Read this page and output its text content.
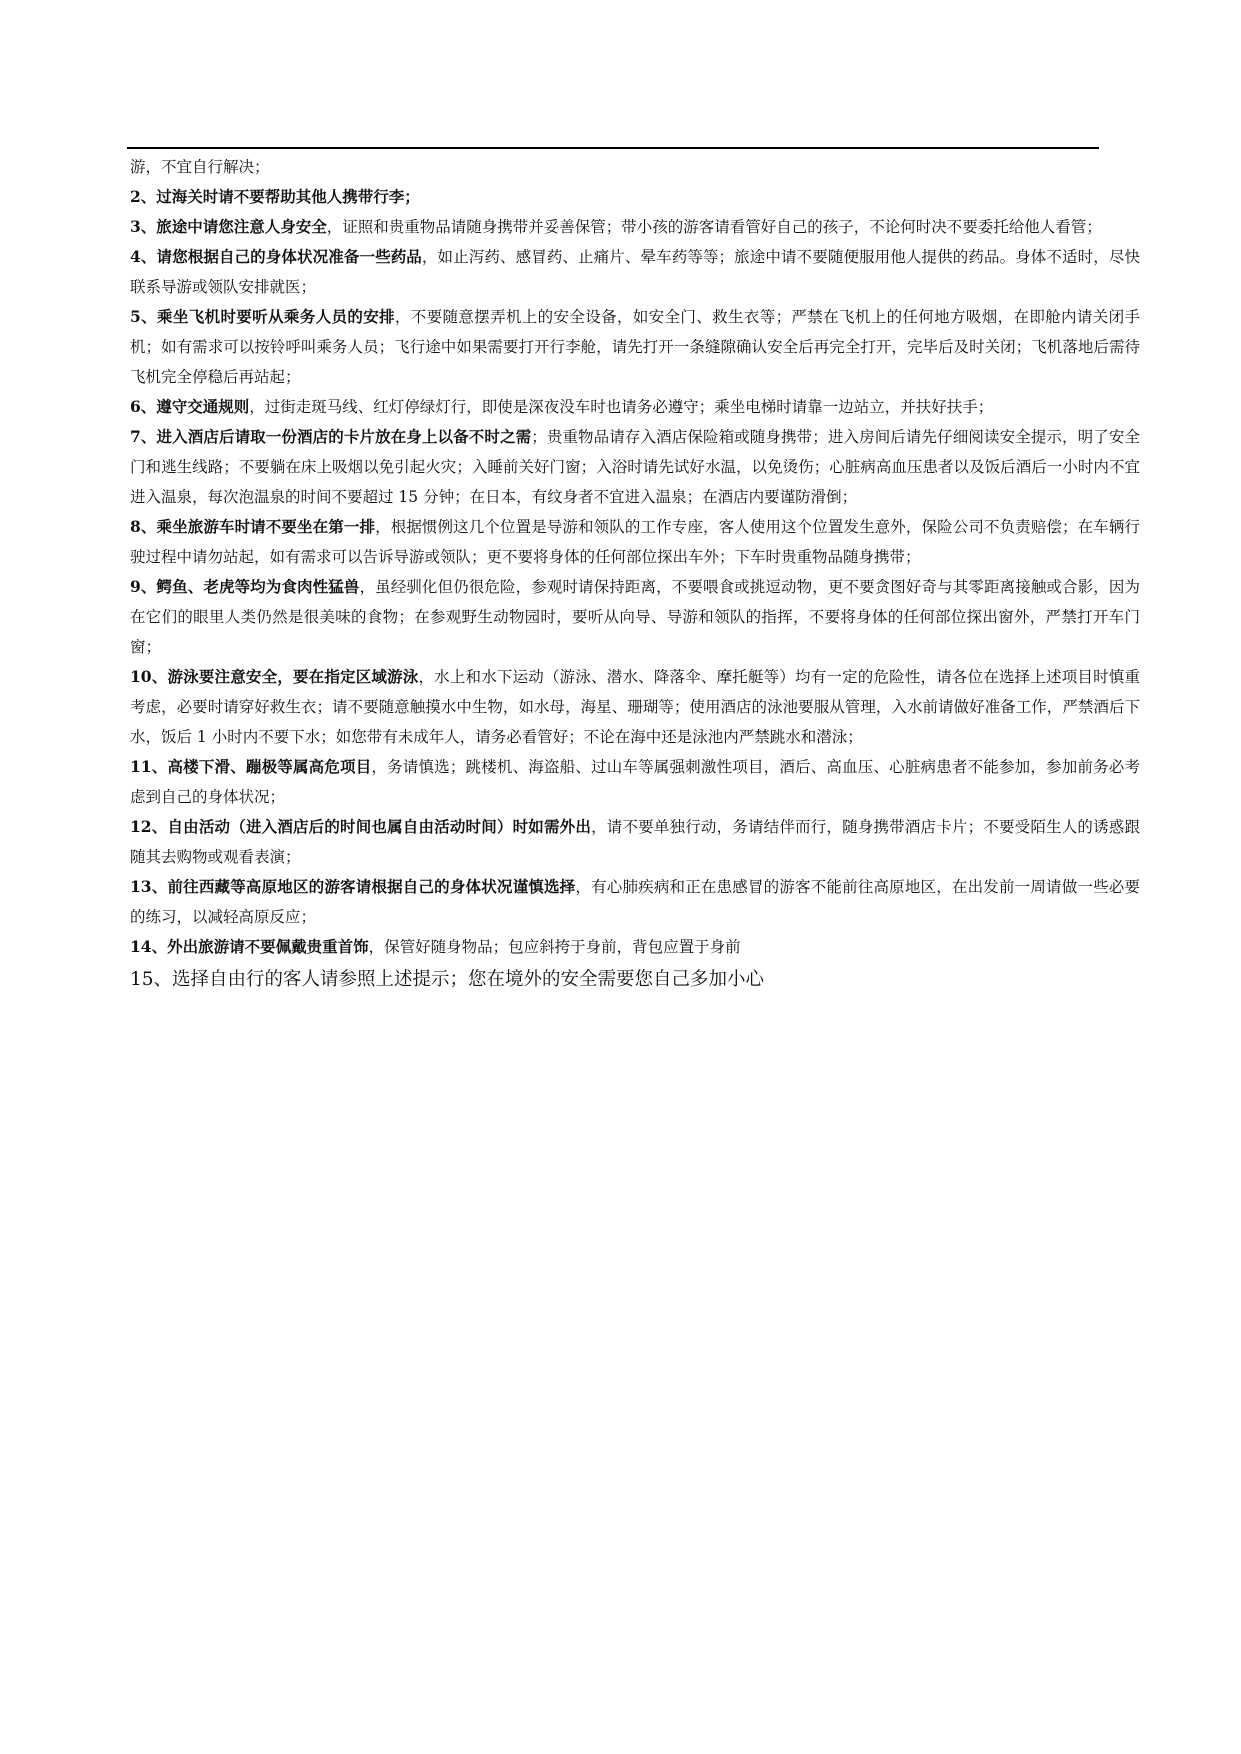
游，不宜自行解决；

2、过海关时请不要帮助其他人携带行李；

3、旅途中请您注意人身安全，证照和贵重物品请随身携带并妥善保管；带小孩的游客请看管好自己的孩子，不论何时决不要委托给他人看管；

4、请您根据自己的身体状况准备一些药品，如止泻药、感冒药、止痛片、晕车药等等；旅途中请不要随便服用他人提供的药品。身体不适时，尽快联系导游或领队安排就医；

5、乘坐飞机时要听从乘务人员的安排，不要随意摆弄机上的安全设备，如安全门、救生衣等；严禁在飞机上的任何地方吸烟，在即舱内请关闭手机；如有需求可以按铃呼叫乘务人员；飞行途中如果需要打开行李舱，请先打开一条缝隙确认安全后再完全打开，完毕后及时关闭；飞机落地后需待飞机完全停稳后再站起；

6、遵守交通规则，过街走斑马线、红灯停绿灯行，即使是深夜没车时也请务必遵守；乘坐电梯时请靠一边站立，并扶好扶手；

7、进入酒店后请取一份酒店的卡片放在身上以备不时之需；贵重物品请存入酒店保险箱或随身携带；进入房间后请先仔细阅读安全提示，明了安全门和逃生线路；不要躺在床上吸烟以免引起火灾；入睡前关好门窗；入浴时请先试好水温，以免烫伤；心脏病高血压患者以及饭后酒后一小时内不宜进入温泉，每次泡温泉的时间不要超过 15 分钟；在日本，有纹身者不宜进入温泉；在酒店内要谨防滑倒；

8、乘坐旅游车时请不要坐在第一排，根据惯例这几个位置是导游和领队的工作专座，客人使用这个位置发生意外，保险公司不负责赔偿；在车辆行驶过程中请勿站起，如有需求可以告诉导游或领队；更不要将身体的任何部位探出车外；下车时贵重物品随身携带；

9、鳄鱼、老虎等均为食肉性猛兽，虽经驯化但仍很危险，参观时请保持距离，不要喂食或挑逗动物，更不要贪图好奇与其零距离接触或合影，因为在它们的眼里人类仍然是很美味的食物；在参观野生动物园时，要听从向导、导游和领队的指挥，不要将身体的任何部位探出窗外，严禁打开车门窗；

10、游泳要注意安全，要在指定区域游泳，水上和水下运动（游泳、潜水、降落伞、摩托艇等）均有一定的危险性，请各位在选择上述项目时慎重考虑，必要时请穿好救生衣；请不要随意触摸水中生物，如水母，海星、珊瑚等；使用酒店的泳池要服从管理，入水前请做好准备工作，严禁酒后下水，饭后 1 小时内不要下水；如您带有未成年人，请务必看管好；不论在海中还是泳池内严禁跳水和潜泳；

11、高楼下滑、蹦极等属高危项目，务请慎选；跳楼机、海盗船、过山车等属强刺激性项目，酒后、高血压、心脏病患者不能参加，参加前务必考虑到自己的身体状况；

12、自由活动（进入酒店后的时间也属自由活动时间）时如需外出，请不要单独行动，务请结伴而行，随身携带酒店卡片；不要受陌生人的诱惑跟随其去购物或观看表演；

13、前往西藏等高原地区的游客请根据自己的身体状况谨慎选择，有心肺疾病和正在患感冒的游客不能前往高原地区，在出发前一周请做一些必要的练习，以减轻高原反应；

14、外出旅游请不要佩戴贵重首饰，保管好随身物品；包应斜挎于身前，背包应置于身前

15、选择自由行的客人请参照上述提示；您在境外的安全需要您自己多加小心
